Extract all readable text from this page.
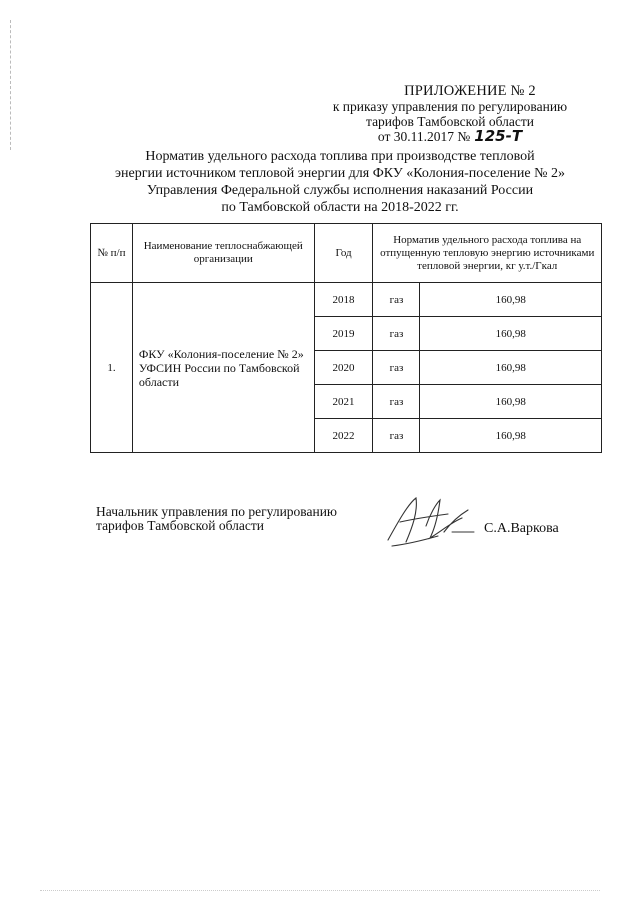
ПРИЛОЖЕНИЕ № 2
к приказу управления по регулированию
тарифов Тамбовской области
от 30.11.2017 № 125-Т
Норматив удельного расхода топлива при производстве тепловой
энергии источником тепловой энергии для ФКУ «Колония-поселение № 2»
Управления Федеральной службы исполнения наказаний России
по Тамбовской области на 2018-2022 гг.
№ п/п	Наименование теплоснабжающей организации	Год	Норматив удельного расхода топлива на отпущенную тепловую энергию источниками тепловой энергии, кг у.т./Гкал	
1.	ФКУ «Колония-поселение № 2» УФСИН России по Тамбовской области	2018	газ	160,98
		2019	газ	160,98
		2020	газ	160,98
		2021	газ	160,98
		2022	газ	160,98
Начальник управления по регулированию
тарифов Тамбовской области	С.А.Варкова
